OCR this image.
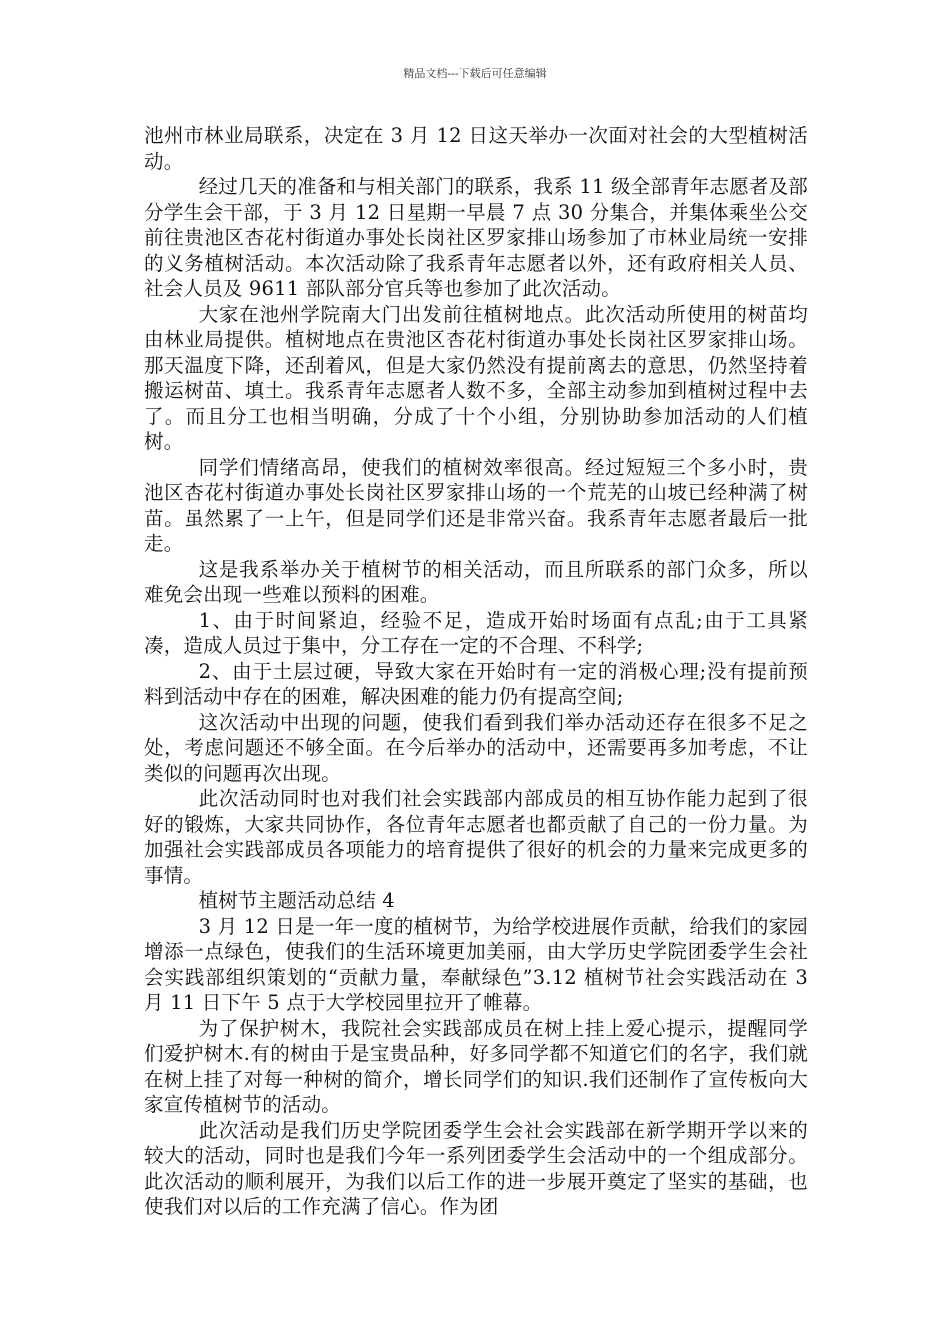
精品文档---下载后可任意编辑

池州市林业局联系，决定在 3 月 12 日这天举办一次面对社会的大型植树活动。

经过几天的准备和与相关部门的联系，我系 11 级全部青年志愿者及部分学生会干部，于 3 月 12 日星期一早晨 7 点 30 分集合，并集体乘坐公交前往贵池区杏花村街道办事处长岗社区罗家排山场参加了市林业局统一安排的义务植树活动。本次活动除了我系青年志愿者以外，还有政府相关人员、社会人员及 9611 部队部分官兵等也参加了此次活动。

大家在池州学院南大门出发前往植树地点。此次活动所使用的树苗均由林业局提供。植树地点在贵池区杏花村街道办事处长岗社区罗家排山场。那天温度下降，还刮着风，但是大家仍然没有提前离去的意思，仍然坚持着搬运树苗、填土。我系青年志愿者人数不多，全部主动参加到植树过程中去了。而且分工也相当明确，分成了十个小组，分别协助参加活动的人们植树。

同学们情绪高昂，使我们的植树效率很高。经过短短三个多小时，贵池区杏花村街道办事处长岗社区罗家排山场的一个荒芜的山坡已经种满了树苗。虽然累了一上午，但是同学们还是非常兴奋。我系青年志愿者最后一批走。

这是我系举办关于植树节的相关活动，而且所联系的部门众多，所以难免会出现一些难以预料的困难。

1、由于时间紧迫，经验不足，造成开始时场面有点乱;由于工具紧凑，造成人员过于集中，分工存在一定的不合理、不科学;

2、由于土层过硬，导致大家在开始时有一定的消极心理;没有提前预料到活动中存在的困难，解决困难的能力仍有提高空间;

这次活动中出现的问题，使我们看到我们举办活动还存在很多不足之处，考虑问题还不够全面。在今后举办的活动中，还需要再多加考虑，不让类似的问题再次出现。

此次活动同时也对我们社会实践部内部成员的相互协作能力起到了很好的锻炼，大家共同协作，各位青年志愿者也都贡献了自己的一份力量。为加强社会实践部成员各项能力的培育提供了很好的机会的力量来完成更多的事情。

植树节主题活动总结 4

3 月 12 日是一年一度的植树节，为给学校进展作贡献，给我们的家园增添一点绿色，使我们的生活环境更加美丽，由大学历史学院团委学生会社会实践部组织策划的“贡献力量，奉献绿色”3.12 植树节社会实践活动在 3 月 11 日下午 5 点于大学校园里拉开了帷幕。

为了保护树木，我院社会实践部成员在树上挂上爱心提示，提醒同学们爱护树木.有的树由于是宝贵品种，好多同学都不知道它们的名字，我们就在树上挂了对每一种树的简介，增长同学们的知识.我们还制作了宣传板向大家宣传植树节的活动。

此次活动是我们历史学院团委学生会社会实践部在新学期开学以来的较大的活动，同时也是我们今年一系列团委学生会活动中的一个组成部分。此次活动的顺利展开，为我们以后工作的进一步展开奠定了坚实的基础，也使我们对以后的工作充满了信心。作为团
